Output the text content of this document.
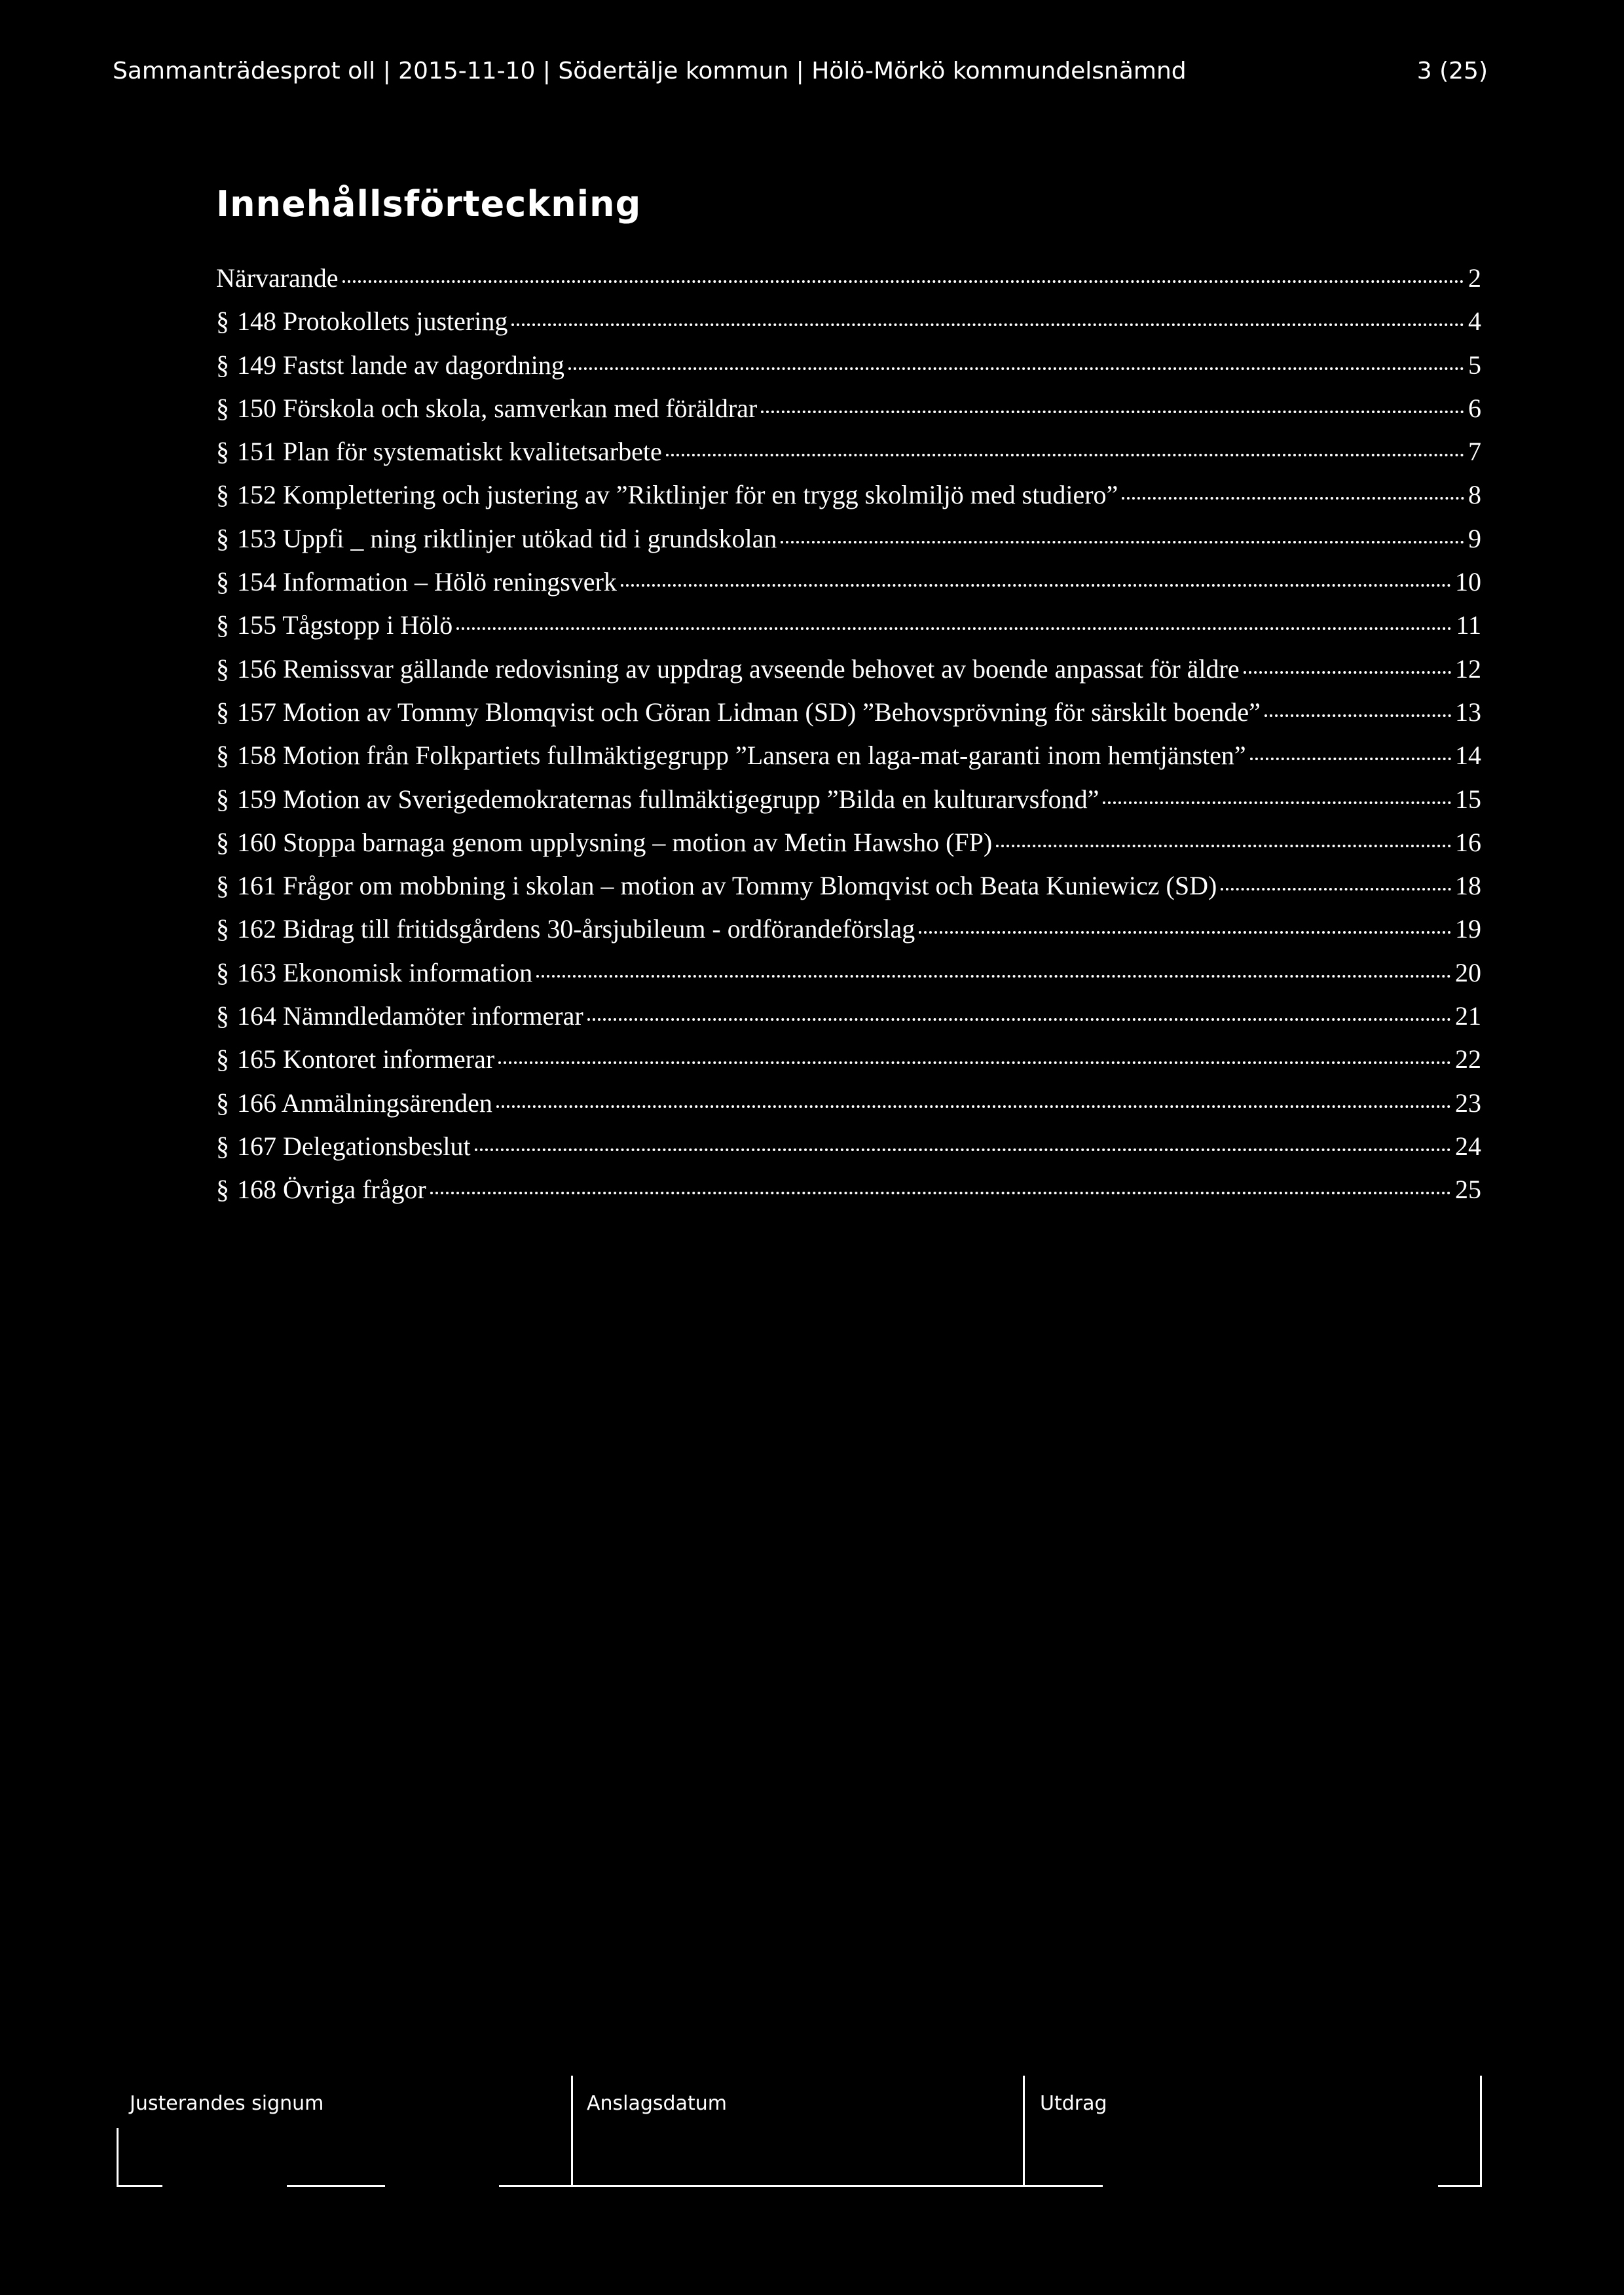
Sammanträdesprot oll | 2015-11-10 | Södertälje kommun | Hölö-Mörkö kommundelsnämnd	3 (25)
Innehållsförteckning
Närvarande	2
§ 148 Protokollets justering	4
§ 149 Fastst lande av dagordning	5
§ 150 Förskola och skola, samverkan med föräldrar	6
§ 151 Plan för systematiskt kvalitetsarbete	7
§ 152 Komplettering och justering av ”Riktlinjer för en trygg skolmiljö med studiero”	8
§ 153 Uppfi _ ning riktlinjer utökad tid i grundskolan	9
§ 154 Information – Hölö reningsverk	10
§ 155 Tågstopp i Hölö	11
§ 156 Remissvar gällande redovisning av uppdrag avseende behovet av boende anpassat för äldre	12
§ 157 Motion av Tommy Blomqvist och Göran Lidman (SD) ”Behovsprövning för särskilt boende”	13
§ 158 Motion från Folkpartiets fullmäktigegrupp ”Lansera en laga-mat-garanti inom hemtjänsten”	14
§ 159 Motion av Sverigedemokraternas fullmäktigegrupp ”Bilda en kulturarvsfond”	15
§ 160 Stoppa barnaga genom upplysning – motion av Metin Hawsho (FP)	16
§ 161 Frågor om mobbning i skolan – motion av Tommy Blomqvist och Beata Kuniewicz (SD)	18
§ 162 Bidrag till fritidsgårdens 30-årsjubileum - ordförandeförslag	19
§ 163 Ekonomisk information	20
§ 164 Nämndledamöter informerar	21
§ 165 Kontoret informerar	22
§ 166 Anmälningsärenden	23
§ 167 Delegationsbeslut	24
§ 168 Övriga frågor	25
Justerandes signum	Anslagsdatum	Utdrag
